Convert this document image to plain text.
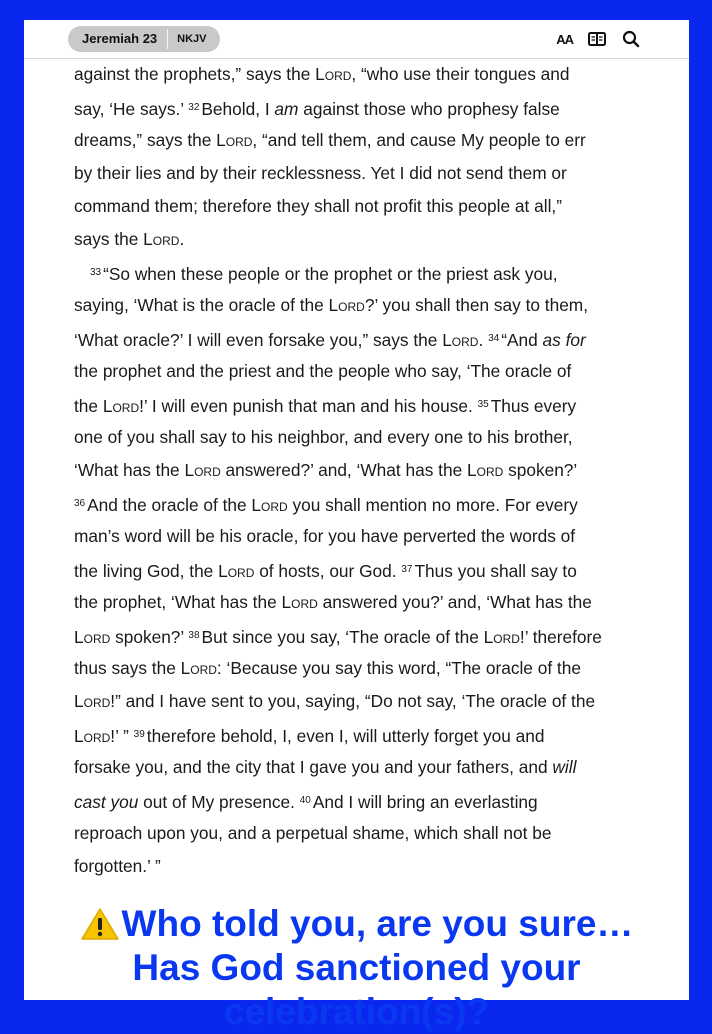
Jeremiah 23	NKJV	AA
against the prophets,” says the Lord, “who use their tongues and
say, ‘He says.’ $^{32}$ Behold, I am against those who prophesy false
dreams,” says the Lord, “and tell them, and cause My people to err
by their lies and by their recklessness. Yet I did not send them or
command them; therefore they shall not profit this people at all,”
says the Lord.
$^{33}$ “So when these people or the prophet or the priest ask you,
saying, ‘What is the oracle of the Lord?’ you shall then say to them,
‘What oracle?’ I will even forsake you,” says the Lord. $^{34}$ “And as for
the prophet and the priest and the people who say, ‘The oracle of
the Lord!’ I will even punish that man and his house. $^{35}$ Thus every
one of you shall say to his neighbor, and every one to his brother,
‘What has the Lord answered?’ and, ‘What has the Lord spoken?’
$^{36}$ And the oracle of the Lord you shall mention no more. For every
man’s word will be his oracle, for you have perverted the words of
the living God, the Lord of hosts, our God. $^{37}$ Thus you shall say to
the prophet, ‘What has the Lord answered you?’ and, ‘What has the
Lord spoken?’ $^{38}$ But since you say, ‘The oracle of the Lord!’ therefore
thus says the Lord: ‘Because you say this word, “The oracle of the
Lord!” and I have sent to you, saying, “Do not say, ‘The oracle of the
Lord!’ ” $^{39}$ therefore behold, I, even I, will utterly forget you and
forsake you, and the city that I gave you and your fathers, and will
cast you out of My presence. $^{40}$ And I will bring an everlasting
reproach upon you, and a perpetual shame, which shall not be
forgotten.’ ”
Who told you, are you sure…
Has God sanctioned your celebration(s)?
